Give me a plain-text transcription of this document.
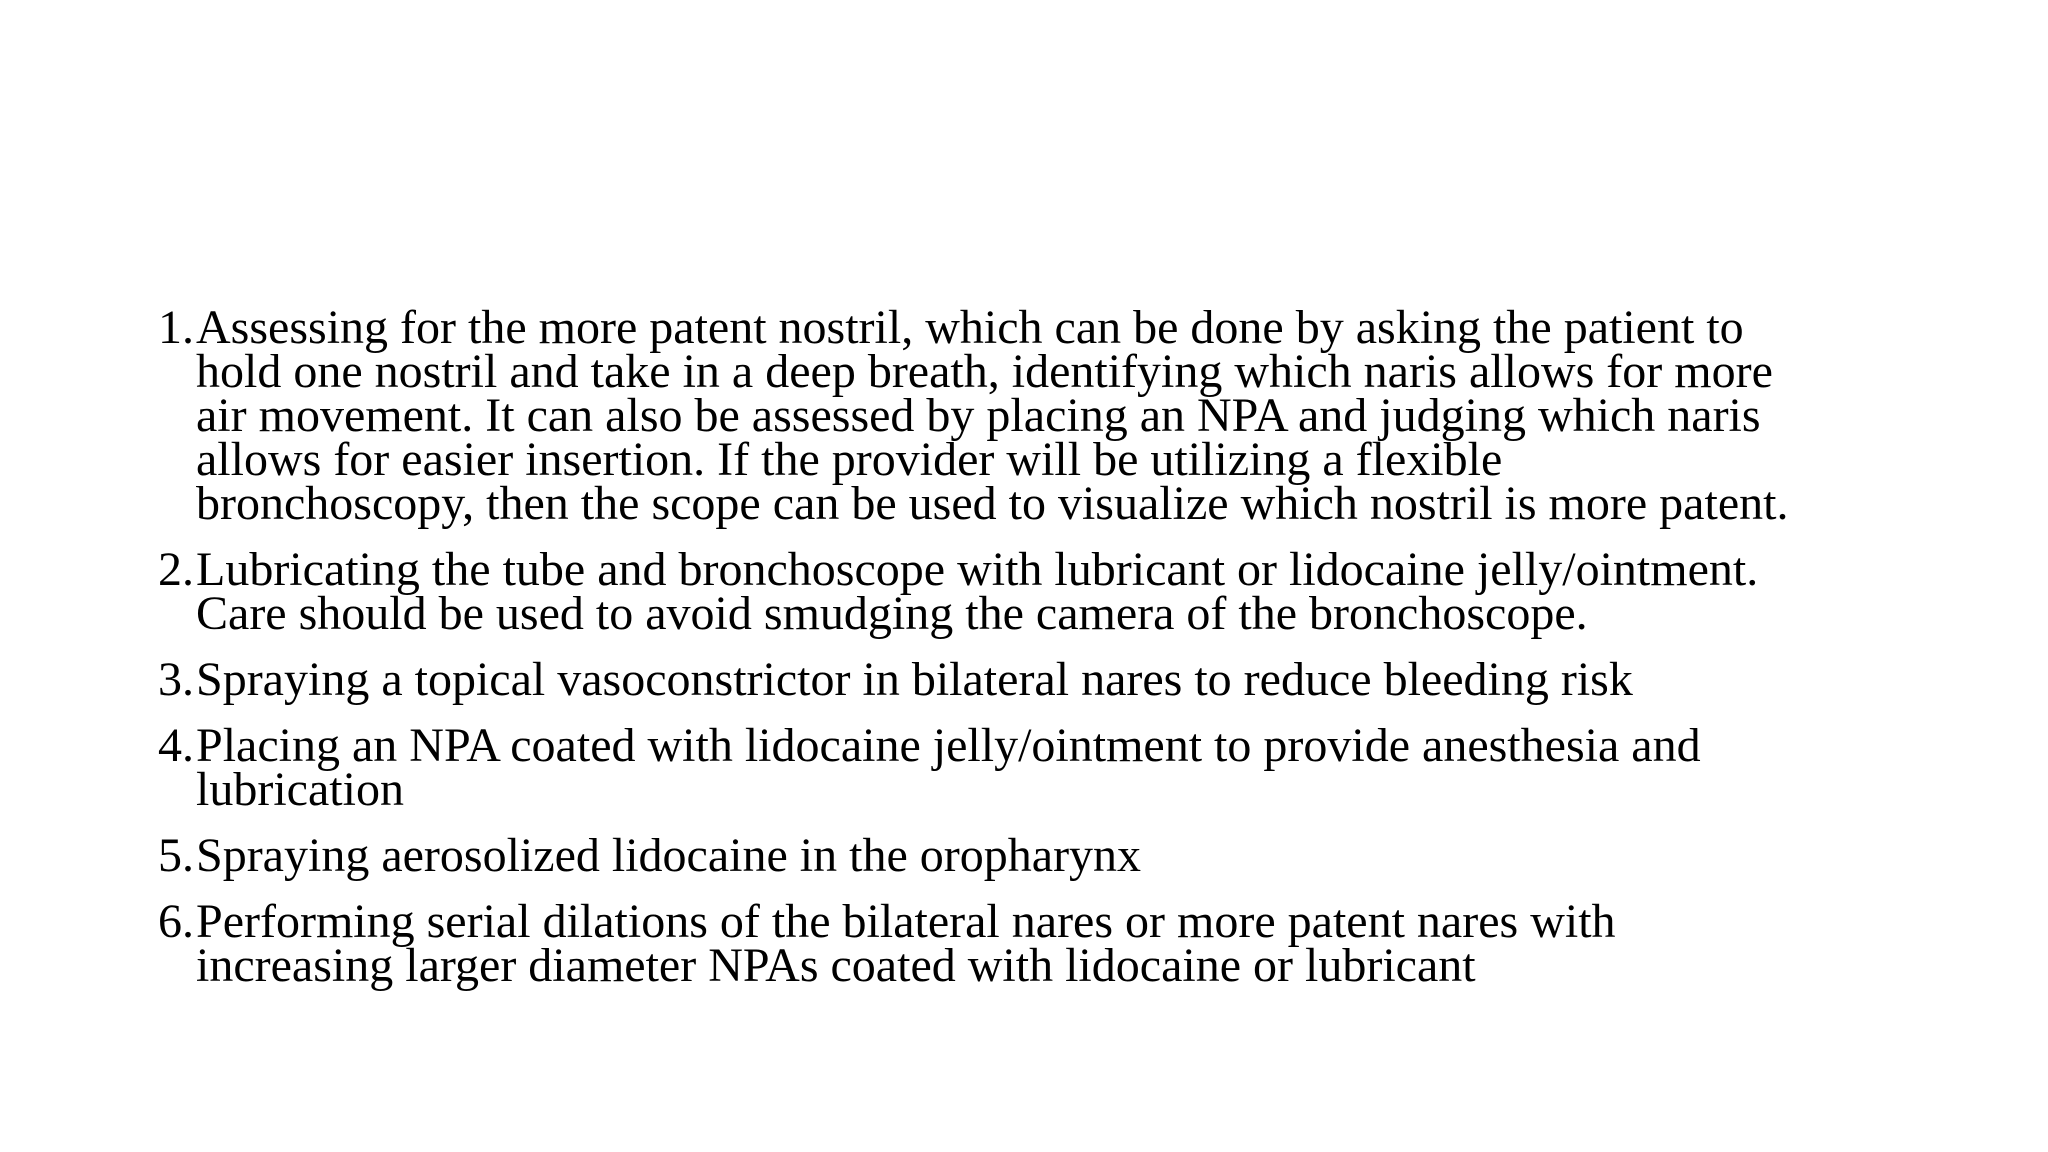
1. Assessing for the more patent nostril, which can be done by asking the patient to
hold one nostril and take in a deep breath, identifying which naris allows for more
air movement. It can also be assessed by placing an NPA and judging which naris
allows for easier insertion. If the provider will be utilizing a flexible
bronchoscopy, then the scope can be used to visualize which nostril is more patent.
2. Lubricating the tube and bronchoscope with lubricant or lidocaine jelly/ointment.
Care should be used to avoid smudging the camera of the bronchoscope.
3. Spraying a topical vasoconstrictor in bilateral nares to reduce bleeding risk
4. Placing an NPA coated with lidocaine jelly/ointment to provide anesthesia and
lubrication
5. Spraying aerosolized lidocaine in the oropharynx
6. Performing serial dilations of the bilateral nares or more patent nares with
increasing larger diameter NPAs coated with lidocaine or lubricant
